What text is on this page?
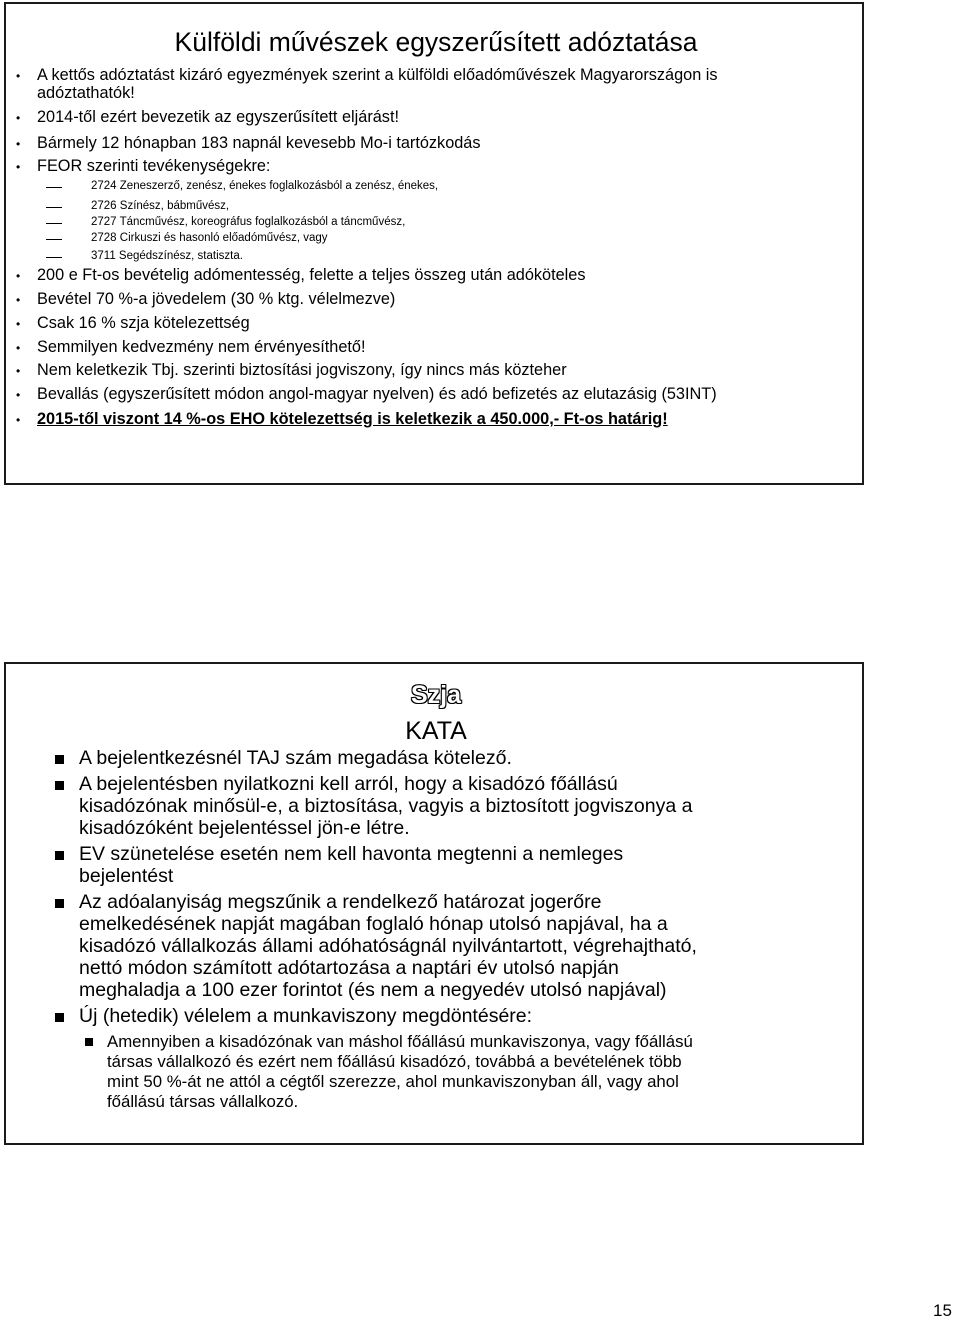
Külföldi művészek egyszerűsített adóztatása
•	A kettős adóztatást kizáró egyezmények szerint a külföldi előadóművészek Magyarországon is
adóztathatók!
•	2014-től ezért bevezetik az egyszerűsített eljárást!
•	Bármely 12 hónapban 183 napnál kevesebb Mo-i tartózkodás
•	FEOR szerinti tevékenységekre:
2724 Zeneszerző, zenész, énekes foglalkozásból a zenész, énekes,
2726 Színész, bábművész,
2727 Táncművész, koreográfus foglalkozásból a táncművész,
2728 Cirkuszi és hasonló előadóművész, vagy
3711 Segédszínész, statiszta.
•	200 e Ft-os bevételig adómentesség, felette a teljes összeg után adóköteles
•	Bevétel 70 %-a jövedelem (30 % ktg. vélelmezve)
•	Csak 16 % szja kötelezettség
•	Semmilyen kedvezmény nem érvényesíthető!
•	Nem keletkezik Tbj. szerinti biztosítási jogviszony, így nincs más közteher
•	Bevallás (egyszerűsített módon angol-magyar nyelven) és adó befizetés az elutazásig (53INT)
•	2015-től viszont 14 %-os EHO kötelezettség is keletkezik a 450.000,- Ft-os határig!
Szja
KATA
A bejelentkezésnél TAJ szám megadása kötelező.
A bejelentésben nyilatkozni kell arról, hogy a kisadózó főállású
kisadózónak minősül-e, a biztosítása, vagyis a biztosított jogviszonya a
kisadózóként bejelentéssel jön-e létre.
EV szünetelése esetén nem kell havonta megtenni a nemleges
bejelentést
Az adóalanyiság megszűnik a rendelkező határozat jogerőre
emelkedésének napját magában foglaló hónap utolsó napjával, ha a
kisadózó vállalkozás állami adóhatóságnál nyilvántartott, végrehajtható,
nettó módon számított adótartozása a naptári év utolsó napján
meghaladja a 100 ezer forintot (és nem a negyedév utolsó napjával)
Új (hetedik) vélelem a munkaviszony megdöntésére:
Amennyiben a kisadózónak van máshol főállású munkaviszonya, vagy főállású
társas vállalkozó és ezért nem főállású kisadózó, továbbá a bevételének több
mint 50 %-át ne attól a cégtől szerezze, ahol munkaviszonyban áll, vagy ahol
főállású társas vállalkozó.
15
